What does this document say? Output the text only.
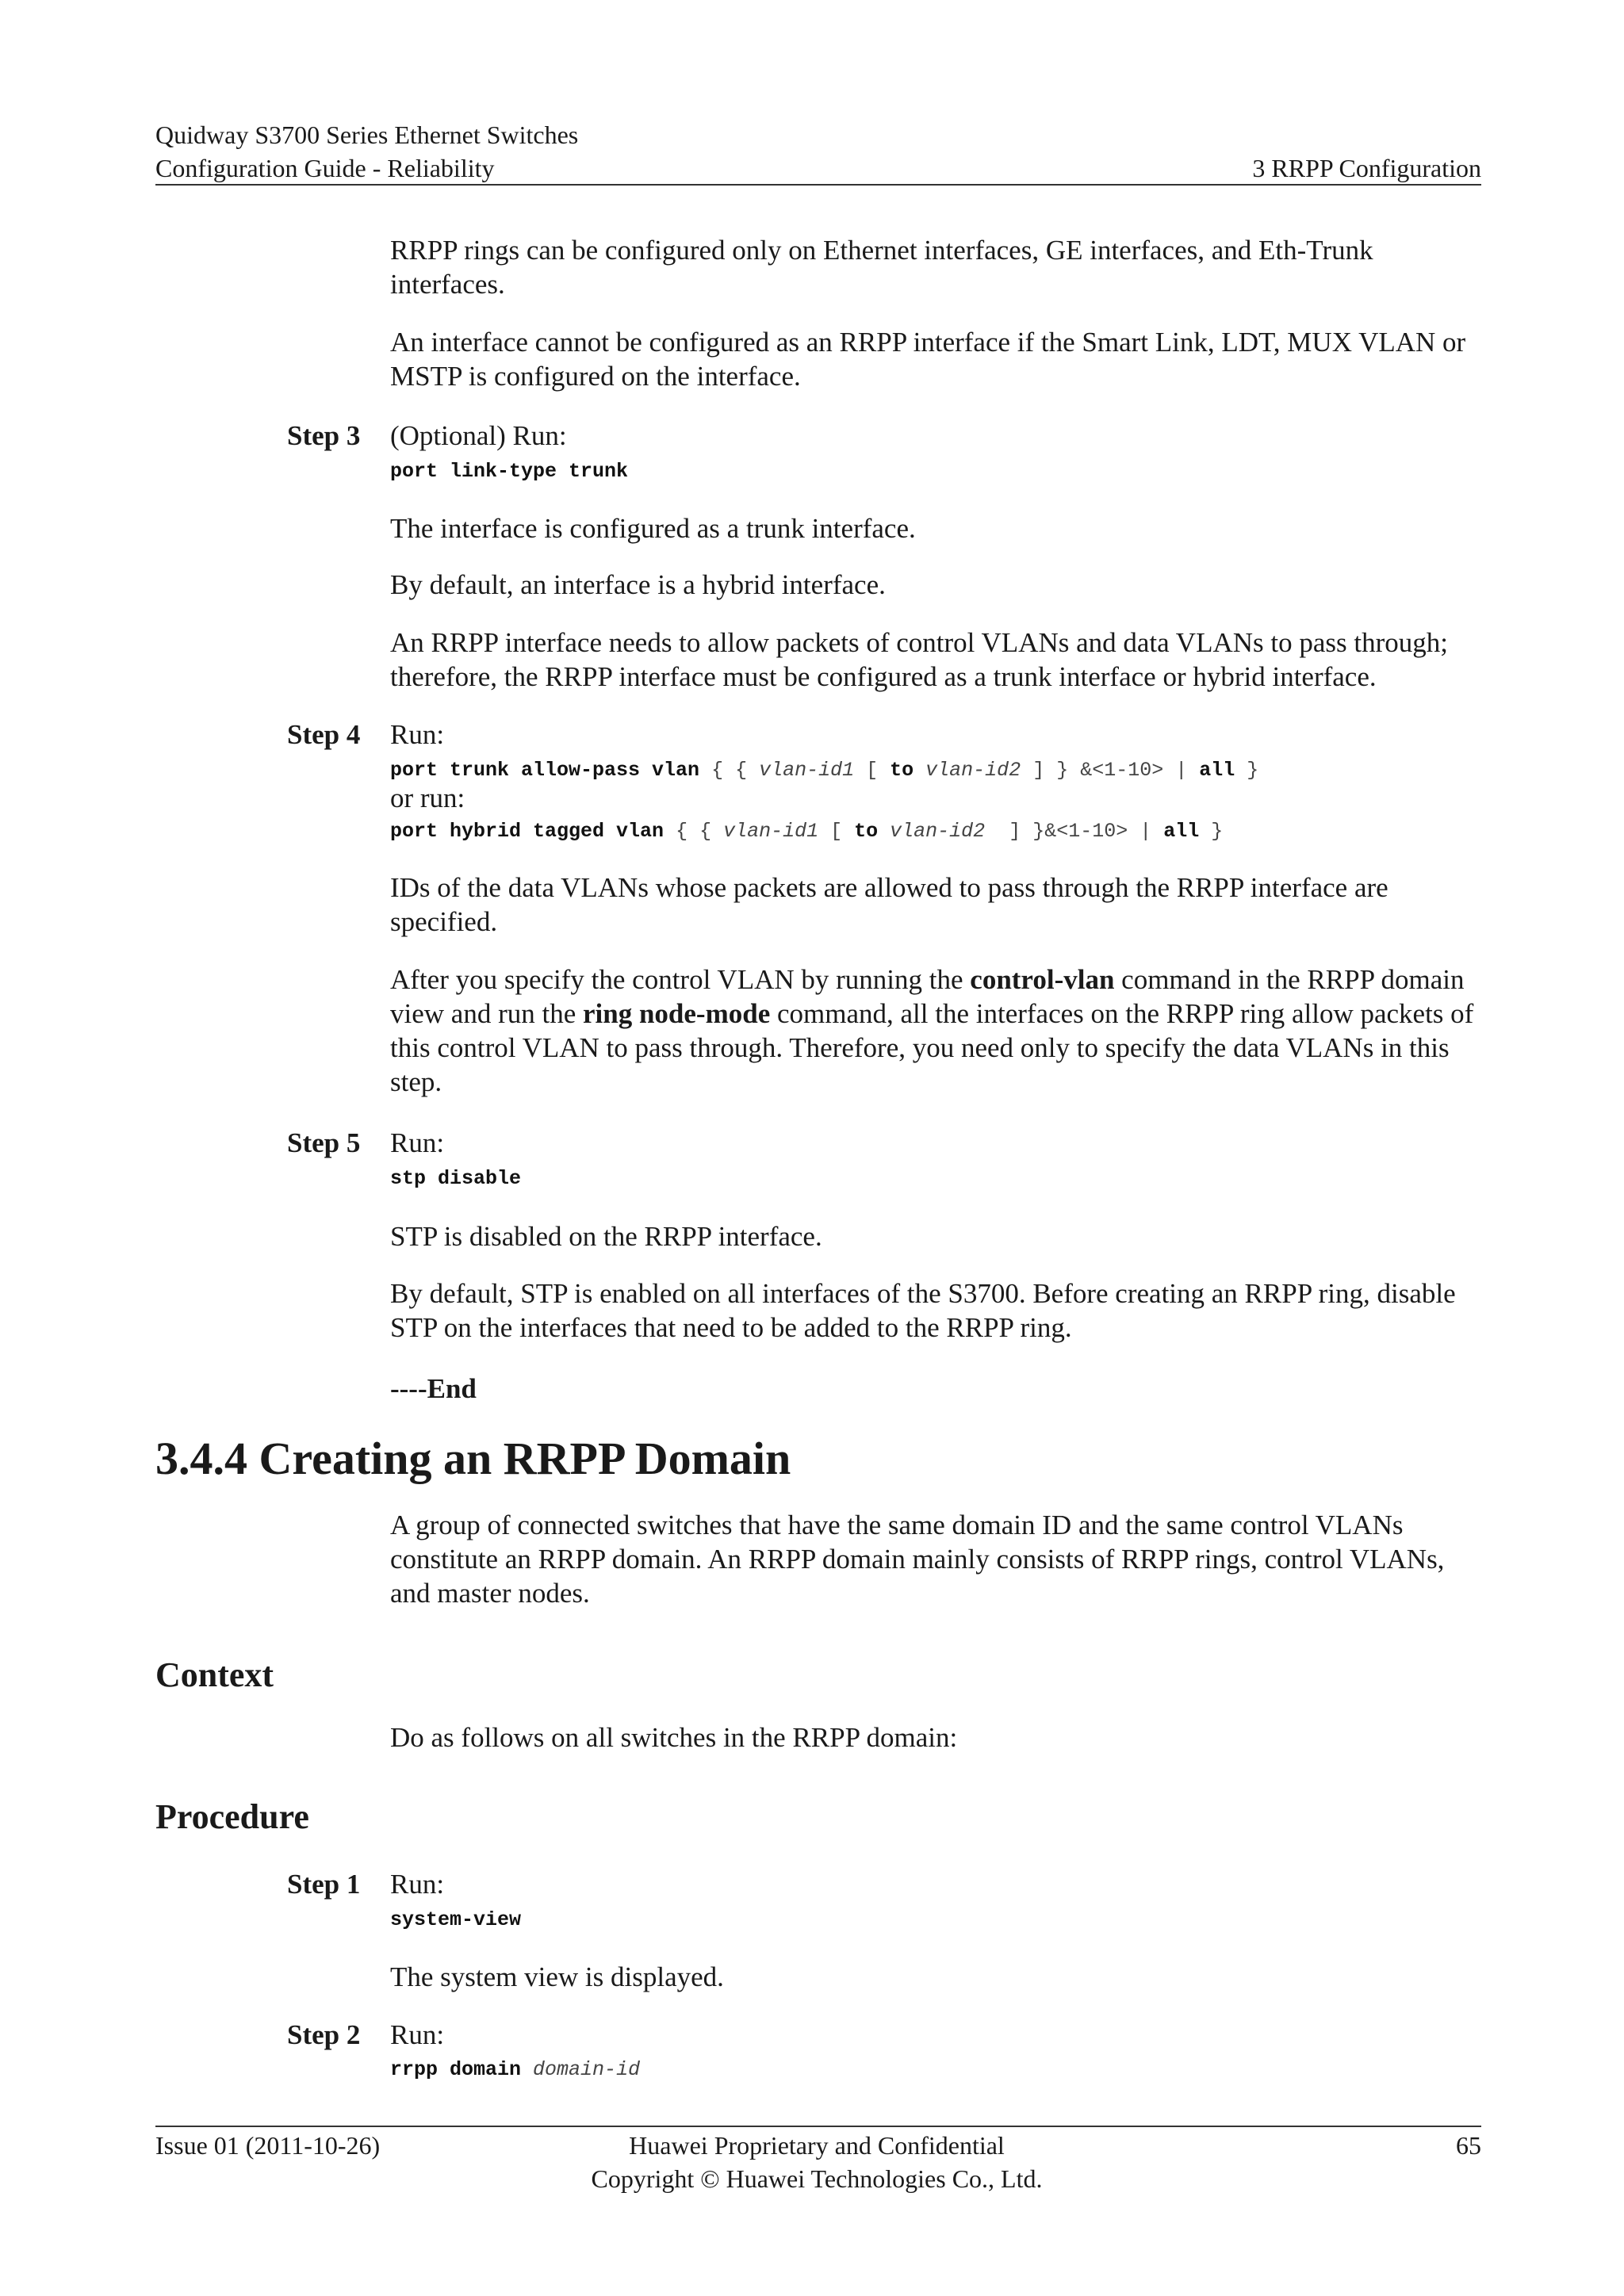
Quidway S3700 Series Ethernet Switches
Configuration Guide - Reliability	3 RRPP Configuration
RRPP rings can be configured only on Ethernet interfaces, GE interfaces, and Eth-Trunk interfaces.
An interface cannot be configured as an RRPP interface if the Smart Link, LDT, MUX VLAN or MSTP is configured on the interface.
Step 3	(Optional) Run:
port link-type trunk
The interface is configured as a trunk interface.
By default, an interface is a hybrid interface.
An RRPP interface needs to allow packets of control VLANs and data VLANs to pass through; therefore, the RRPP interface must be configured as a trunk interface or hybrid interface.
Step 4	Run:
port trunk allow-pass vlan { { vlan-id1 [ to vlan-id2 ] } &<1-10> | all }
or run:
port hybrid tagged vlan { { vlan-id1 [ to vlan-id2  ] }&<1-10> | all }
IDs of the data VLANs whose packets are allowed to pass through the RRPP interface are specified.
After you specify the control VLAN by running the control-vlan command in the RRPP domain view and run the ring node-mode command, all the interfaces on the RRPP ring allow packets of this control VLAN to pass through. Therefore, you need only to specify the data VLANs in this step.
Step 5	Run:
stp disable
STP is disabled on the RRPP interface.
By default, STP is enabled on all interfaces of the S3700. Before creating an RRPP ring, disable STP on the interfaces that need to be added to the RRPP ring.
----End
3.4.4 Creating an RRPP Domain
A group of connected switches that have the same domain ID and the same control VLANs constitute an RRPP domain. An RRPP domain mainly consists of RRPP rings, control VLANs, and master nodes.
Context
Do as follows on all switches in the RRPP domain:
Procedure
Step 1	Run:
system-view
The system view is displayed.
Step 2	Run:
rrpp domain domain-id
Issue 01 (2011-10-26)	Huawei Proprietary and Confidential
Copyright © Huawei Technologies Co., Ltd.
65
